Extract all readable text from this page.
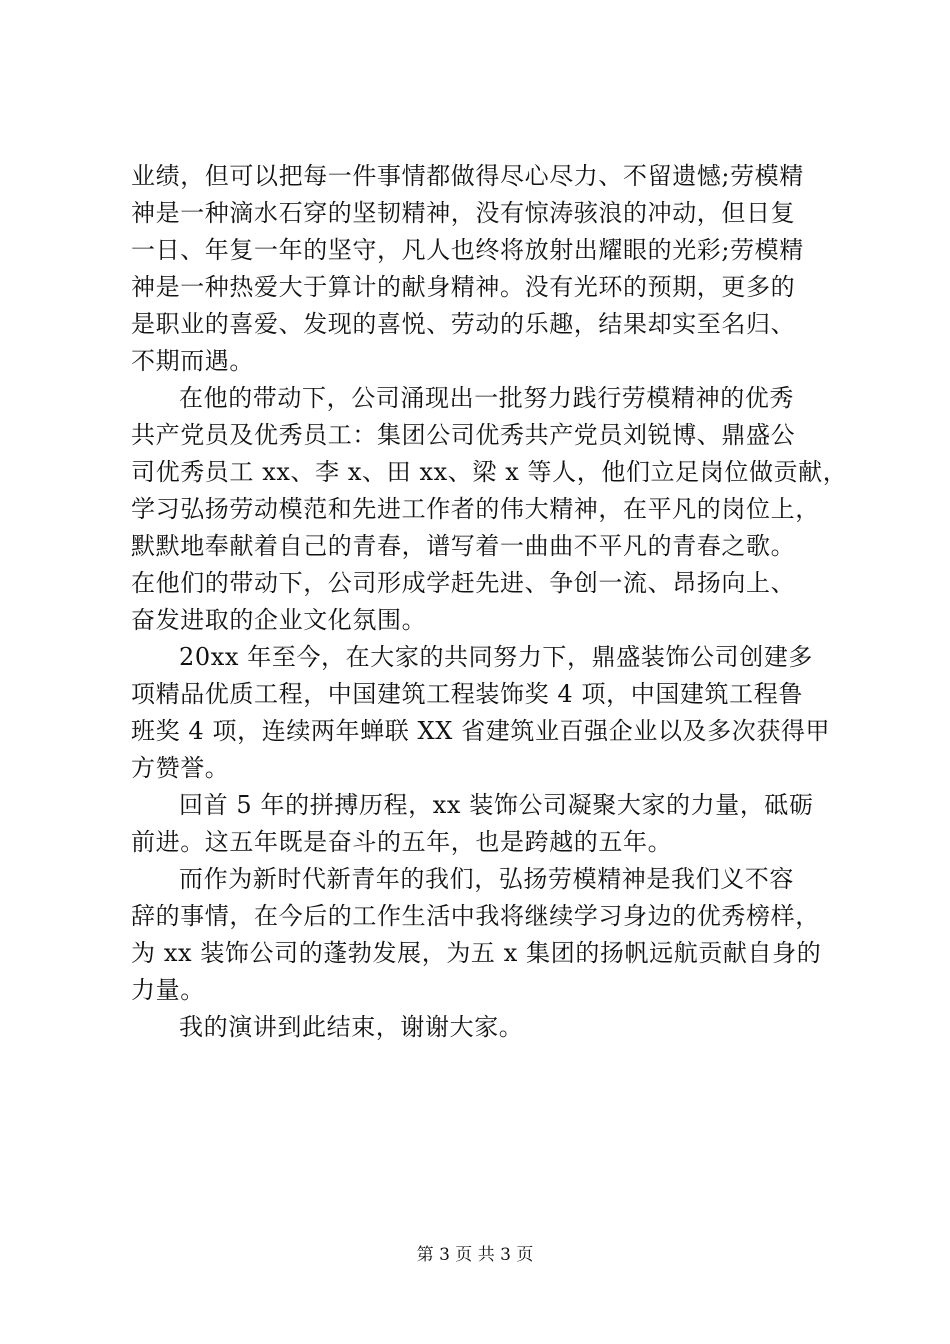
业绩，但可以把每一件事情都做得尽心尽力、不留遗憾;劳模精
神是一种滴水石穿的坚韧精神，没有惊涛骇浪的冲动，但日复
一日、年复一年的坚守，凡人也终将放射出耀眼的光彩;劳模精
神是一种热爱大于算计的献身精神。没有光环的预期，更多的
是职业的喜爱、发现的喜悦、劳动的乐趣，结果却实至名归、
不期而遇。
在他的带动下，公司涌现出一批努力践行劳模精神的优秀
共产党员及优秀员工：集团公司优秀共产党员刘锐博、鼎盛公
司优秀员工 xx、李 x、田 xx、梁 x 等人，他们立足岗位做贡献，
学习弘扬劳动模范和先进工作者的伟大精神，在平凡的岗位上，
默默地奉献着自己的青春，谱写着一曲曲不平凡的青春之歌。
在他们的带动下，公司形成学赶先进、争创一流、昂扬向上、
奋发进取的企业文化氛围。
20xx 年至今，在大家的共同努力下，鼎盛装饰公司创建多
项精品优质工程，中国建筑工程装饰奖 4 项，中国建筑工程鲁
班奖 4 项，连续两年蝉联 XX 省建筑业百强企业以及多次获得甲
方赞誉。
回首 5 年的拼搏历程，xx 装饰公司凝聚大家的力量，砥砺
前进。这五年既是奋斗的五年，也是跨越的五年。
而作为新时代新青年的我们，弘扬劳模精神是我们义不容
辞的事情，在今后的工作生活中我将继续学习身边的优秀榜样，
为 xx 装饰公司的蓬勃发展，为五 x 集团的扬帆远航贡献自身的
力量。
我的演讲到此结束，谢谢大家。
第 3 页 共 3 页
